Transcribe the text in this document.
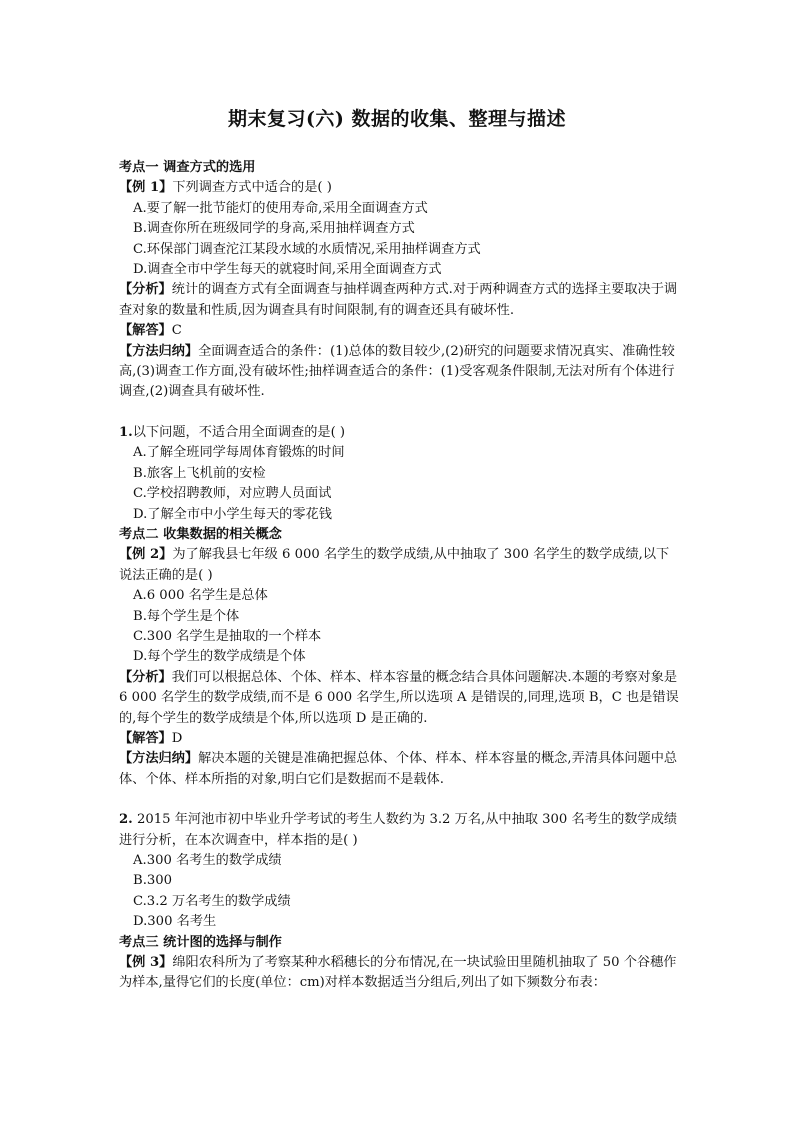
期末复习(六) 数据的收集、整理与描述

考点一 调查方式的选用

【例 1】下列调查方式中适合的是( )

A.要了解一批节能灯的使用寿命,采用全面调查方式

B.调查你所在班级同学的身高,采用抽样调查方式

C.环保部门调查沱江某段水域的水质情况,采用抽样调查方式

D.调查全市中学生每天的就寝时间,采用全面调查方式

【分析】统计的调查方式有全面调查与抽样调查两种方式.对于两种调查方式的选择主要取决于调查对象的数量和性质,因为调查具有时间限制,有的调查还具有破坏性.

【解答】C

【方法归纳】全面调查适合的条件：(1)总体的数目较少,(2)研究的问题要求情况真实、准确性较高,(3)调查工作方面,没有破坏性;抽样调查适合的条件：(1)受客观条件限制,无法对所有个体进行调查,(2)调查具有破坏性.

1.以下问题，不适合用全面调查的是( )

A.了解全班同学每周体育锻炼的时间

B.旅客上飞机前的安检

C.学校招聘教师，对应聘人员面试

D.了解全市中小学生每天的零花钱

考点二 收集数据的相关概念

【例 2】为了解我县七年级 6 000 名学生的数学成绩,从中抽取了 300 名学生的数学成绩,以下说法正确的是( )

A.6 000 名学生是总体

B.每个学生是个体

C.300 名学生是抽取的一个样本

D.每个学生的数学成绩是个体

【分析】我们可以根据总体、个体、样本、样本容量的概念结合具体问题解决.本题的考察对象是 6 000 名学生的数学成绩,而不是 6 000 名学生,所以选项 A 是错误的,同理,选项 B，C 也是错误的,每个学生的数学成绩是个体,所以选项 D 是正确的.

【解答】D

【方法归纳】解决本题的关键是准确把握总体、个体、样本、样本容量的概念,弄清具体问题中总体、个体、样本所指的对象,明白它们是数据而不是载体.

2. 2015 年河池市初中毕业升学考试的考生人数约为 3.2 万名,从中抽取 300 名考生的数学成绩进行分析，在本次调查中，样本指的是( )

A.300 名考生的数学成绩

B.300

C.3.2 万名考生的数学成绩

D.300 名考生

考点三 统计图的选择与制作

【例 3】绵阳农科所为了考察某种水稻穗长的分布情况,在一块试验田里随机抽取了 50 个谷穗作为样本,量得它们的长度(单位：cm)对样本数据适当分组后,列出了如下频数分布表：
